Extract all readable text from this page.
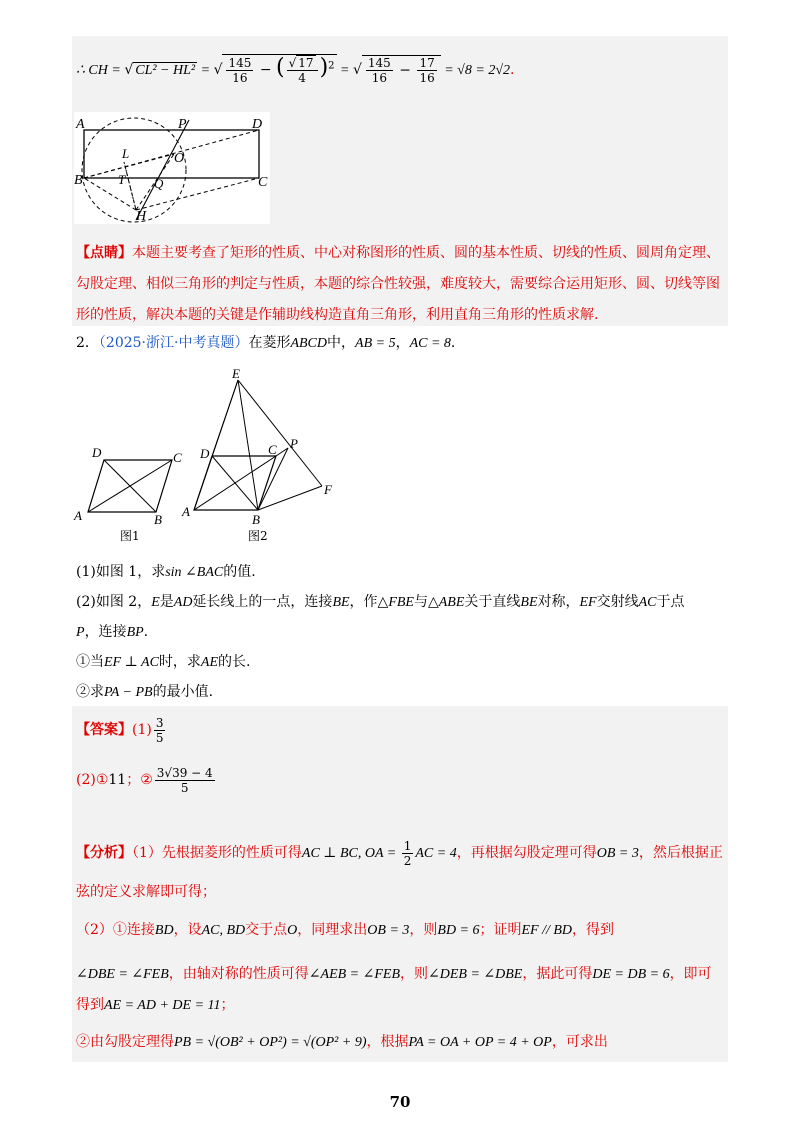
∴ CH = √ CL² − HL² = √ $\frac{145}{16}$ − ( $\frac{√ 17}{4} )^2$ = √ $\frac{145}{16} - \frac{17}{16} = √8 = 2√2$.
A	P	D
L	O
T
B	Q	C
H
【点睛】本题主要考查了矩形的性质、中心对称图形的性质、圆的基本性质、切线的性质、圆周角定理、
勾股定理、相似三角形的判定与性质，本题的综合性较强，难度较大，需要综合运用矩形、圆、切线等图
形的性质，解决本题的关键是作辅助线构造直角三角形，利用直角三角形的性质求解.
2．（2025·浙江·中考真题）在菱形ABCD中，AB = 5，AC = 8.
D	C
A	B
图1
E
D	C P
F
A
B
图2
(1)如图 1，求sin ∠BAC的值.
(2)如图 2，E是AD延长线上的一点，连接BE，作△FBE与△ABE关于直线BE对称，EF交射线AC于点
P，连接BP.
①当EF ⊥ AC时，求AE的长.
②求PA − PB的最小值.
【答案】$(1) \frac{3}{5}$
(2)①11；② $\frac{3√39 - 4}{5}$
【分析】（1）先根据菱形的性质可得AC ⊥ BC, OA = $\frac{1}{2}$ AC = 4，再根据勾股定理可得OB = 3，然后根据正
弦的定义求解即可得；
（2）①连接BD，设AC, BD交于点O，同理求出OB = 3，则BD = 6；证明EF // BD，得到
∠DBE = ∠FEB，由轴对称的性质可得∠AEB = ∠FEB，则∠DEB = ∠DBE，据此可得DE = DB = 6，即可
得到AE = AD + DE = 11；
②由勾股定理得PB = √(OB² + OP²) = √(OP² + 9)，根据PA = OA + OP = 4 + OP，可求出
70
